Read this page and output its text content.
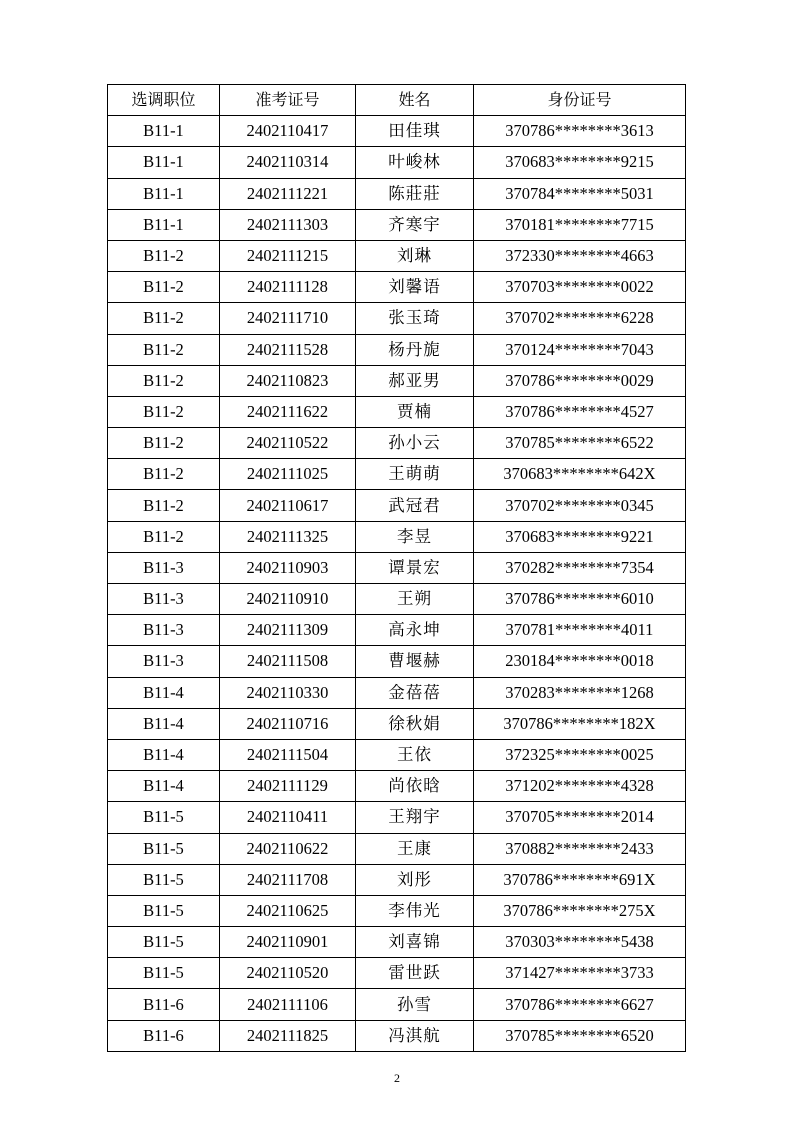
选调职位	准考证号	姓名	身份证号
B11-1	2402110417	田佳琪	370786********3613
B11-1	2402110314	叶峻林	370683********9215
B11-1	2402111221	陈莊莊	370784********5031
B11-1	2402111303	齐寒宇	370181********7715
B11-2	2402111215	刘琳	372330********4663
B11-2	2402111128	刘馨语	370703********0022
B11-2	2402111710	张玉琦	370702********6228
B11-2	2402111528	杨丹旎	370124********7043
B11-2	2402110823	郝亚男	370786********0029
B11-2	2402111622	贾楠	370786********4527
B11-2	2402110522	孙小云	370785********6522
B11-2	2402111025	王萌萌	370683********642X
B11-2	2402110617	武冠君	370702********0345
B11-2	2402111325	李昱	370683********9221
B11-3	2402110903	谭景宏	370282********7354
B11-3	2402110910	王朔	370786********6010
B11-3	2402111309	高永坤	370781********4011
B11-3	2402111508	曹堰赫	230184********0018
B11-4	2402110330	金蓓蓓	370283********1268
B11-4	2402110716	徐秋娟	370786********182X
B11-4	2402111504	王依	372325********0025
B11-4	2402111129	尚依晗	371202********4328
B11-5	2402110411	王翔宇	370705********2014
B11-5	2402110622	王康	370882********2433
B11-5	2402111708	刘彤	370786********691X
B11-5	2402110625	李伟光	370786********275X
B11-5	2402110901	刘喜锦	370303********5438
B11-5	2402110520	雷世跃	371427********3733
B11-6	2402111106	孙雪	370786********6627
B11-6	2402111825	冯淇航	370785********6520
2
